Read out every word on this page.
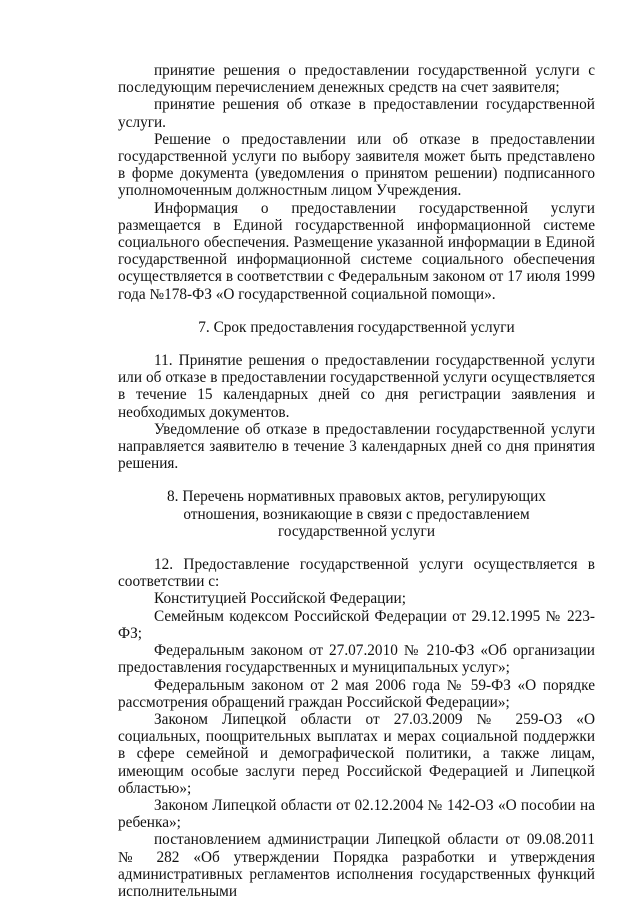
принятие решения о предоставлении государственной услуги с последующим перечислением денежных средств на счет заявителя;

принятие решения об отказе в предоставлении государственной услуги.

Решение о предоставлении или об отказе в предоставлении государственной услуги по выбору заявителя может быть представлено в форме документа (уведомления о принятом решении) подписанного уполномоченным должностным лицом Учреждения.

Информация о предоставлении государственной услуги размещается в Единой государственной информационной системе социального обеспечения. Размещение указанной информации в Единой государственной информационной системе социального обеспечения осуществляется в соответствии с Федеральным законом от 17 июля 1999 года №178-ФЗ «О государственной социальной помощи».

7. Срок предоставления государственной услуги

11. Принятие решения о предоставлении государственной услуги или об отказе в предоставлении государственной услуги осуществляется в течение 15 календарных дней со дня регистрации заявления и необходимых документов.

Уведомление об отказе в предоставлении государственной услуги направляется заявителю в течение 3 календарных дней со дня принятия решения.

8. Перечень нормативных правовых актов, регулирующих

отношения, возникающие в связи с предоставлением

государственной услуги

12. Предоставление государственной услуги осуществляется в соответствии с:

Конституцией Российской Федерации;

Семейным кодексом Российской Федерации от 29.12.1995 № 223-ФЗ;

Федеральным законом от 27.07.2010 № 210-ФЗ «Об организации предоставления государственных и муниципальных услуг»;

Федеральным законом от 2 мая 2006 года № 59-ФЗ «О порядке рассмотрения обращений граждан Российской Федерации»;

Законом Липецкой области от 27.03.2009 № 259-ОЗ «О социальных, поощрительных выплатах и мерах социальной поддержки в сфере семейной и демографической политики, а также лицам, имеющим особые заслуги перед Российской Федерацией и Липецкой областью»;

Законом Липецкой области от 02.12.2004 № 142-ОЗ «О пособии на ребенка»;

постановлением администрации Липецкой области от 09.08.2011 № 282 «Об утверждении Порядка разработки и утверждения административных регламентов исполнения государственных функций исполнительными
